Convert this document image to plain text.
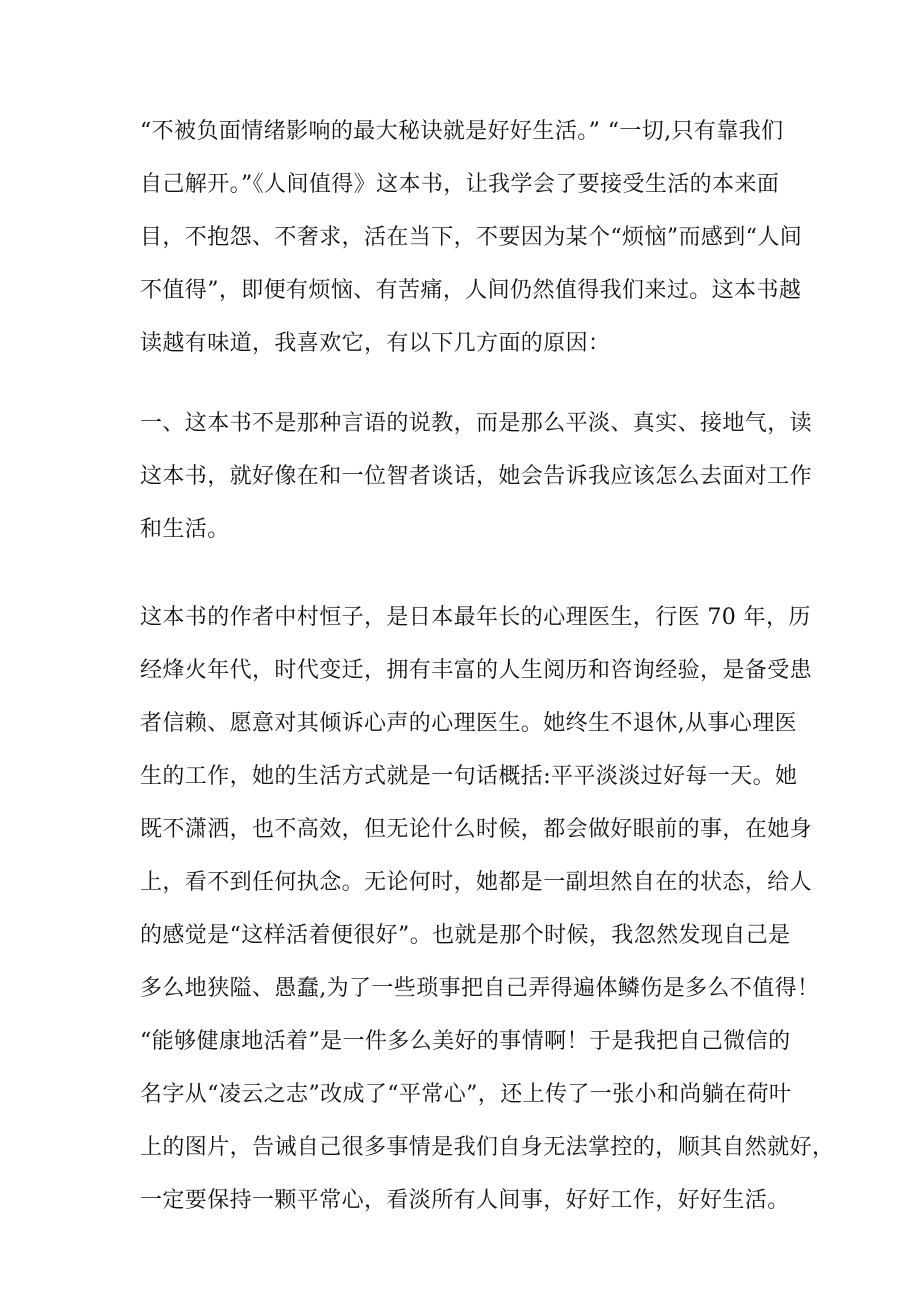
“不被负面情绪影响的最大秘诀就是好好生活。” “一切,只有靠我们
自己解开。”《人间值得》这本书，让我学会了要接受生活的本来面
目，不抱怨、不奢求，活在当下，不要因为某个“烦恼”而感到“人间
不值得”，即便有烦恼、有苦痛，人间仍然值得我们来过。这本书越
读越有味道，我喜欢它，有以下几方面的原因：
一、这本书不是那种言语的说教，而是那么平淡、真实、接地气，读
这本书，就好像在和一位智者谈话，她会告诉我应该怎么去面对工作
和生活。
这本书的作者中村恒子，是日本最年长的心理医生，行医 70 年，历
经烽火年代，时代变迁，拥有丰富的人生阅历和咨询经验，是备受患
者信赖、愿意对其倾诉心声的心理医生。她终生不退休,从事心理医
生的工作，她的生活方式就是一句话概括:平平淡淡过好每一天。她
既不潇洒，也不高效，但无论什么时候，都会做好眼前的事，在她身
上，看不到任何执念。无论何时，她都是一副坦然自在的状态，给人
的感觉是“这样活着便很好”。也就是那个时候，我忽然发现自己是
多么地狭隘、愚蠢,为了一些琐事把自己弄得遍体鳞伤是多么不值得！
“能够健康地活着”是一件多么美好的事情啊！于是我把自己微信的
名字从“凌云之志”改成了“平常心”，还上传了一张小和尚躺在荷叶
上的图片，告诫自己很多事情是我们自身无法掌控的，顺其自然就好，
一定要保持一颗平常心，看淡所有人间事，好好工作，好好生活。
